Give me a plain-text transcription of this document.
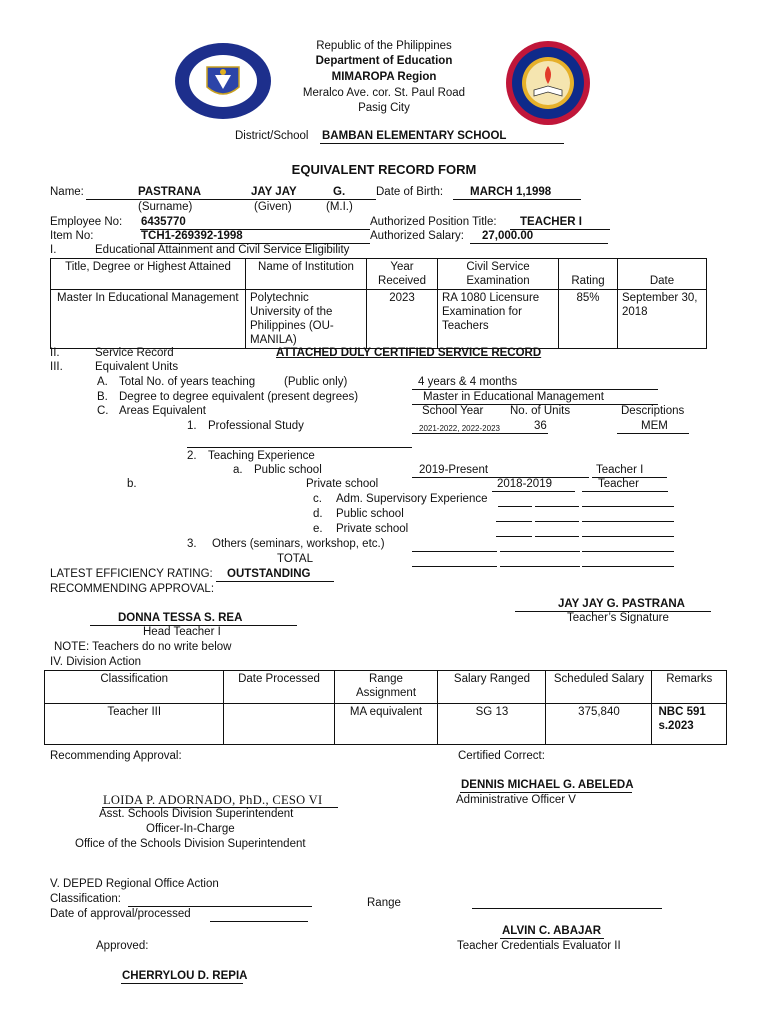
Republic of the Philippines
Department of Education
MIMAROPA Region
Meralco Ave. cor. St. Paul Road
Pasig City
District/School BAMBAN ELEMENTARY SCHOOL
EQUIVALENT RECORD FORM
Name:	PASTRANA	JAY JAY	G.	Date of Birth: MARCH 1,1998
(Surname)	(Given)	(M.I.)
Employee No: 6435770	Authorized Position Title: TEACHER I
Item No:	TCH1-269392-1998	Authorized Salary: 27,000.00
I.	Educational Attainment and Civil Service Eligibility
Title, Degree or Highest Attained	Name of Institution	Year Received	Civil Service Examination	Rating	Date
Master In Educational Management	Polytechnic University of the Philippines (OU-MANILA)	2023	RA 1080 Licensure Examination for Teachers	85%	September 30, 2018
II.	Service Record	ATTACHED DULY CERTIFIED SERVICE RECORD
III.	Equivalent Units
A. Total No. of years teaching	(Public only)	4 years & 4 months
B. Degree to degree equivalent (present degrees)	Master in Educational Management
C. Areas Equivalent	School Year No. of Units	Descriptions
1. Professional Study	2021-2022, 2022-2023	36	MEM
2. Teaching Experience
a. Public school	2019-Present	Teacher I
b.	Private school	2018-2019	Teacher
c. Adm. Supervisory Experience
d. Public school
e. Private school
3. Others (seminars, workshop, etc.)
TOTAL
LATEST EFFICIENCY RATING: OUTSTANDING
RECOMMENDING APPROVAL:
JAY JAY G. PASTRANA
Teacher’s Signature
DONNA TESSA S. REA
Head Teacher I
NOTE: Teachers do no write below
IV. Division Action
Classification	Date Processed	Range Assignment	Salary Ranged	Scheduled Salary	Remarks
Teacher III		MA equivalent	SG 13	375,840	NBC 591 s.2023
Recommending Approval:	Certified Correct:
DENNIS MICHAEL G. ABELEDA
Administrative Officer V
LOIDA P. ADORNADO, PhD., CESO VI
Asst. Schools Division Superintendent
Officer-In-Charge
Office of the Schools Division Superintendent
V. DEPED Regional Office Action
Classification:	Range
Date of approval/processed
ALVIN C. ABAJAR
Teacher Credentials Evaluator II
Approved:
CHERRYLOU D. REPIA
